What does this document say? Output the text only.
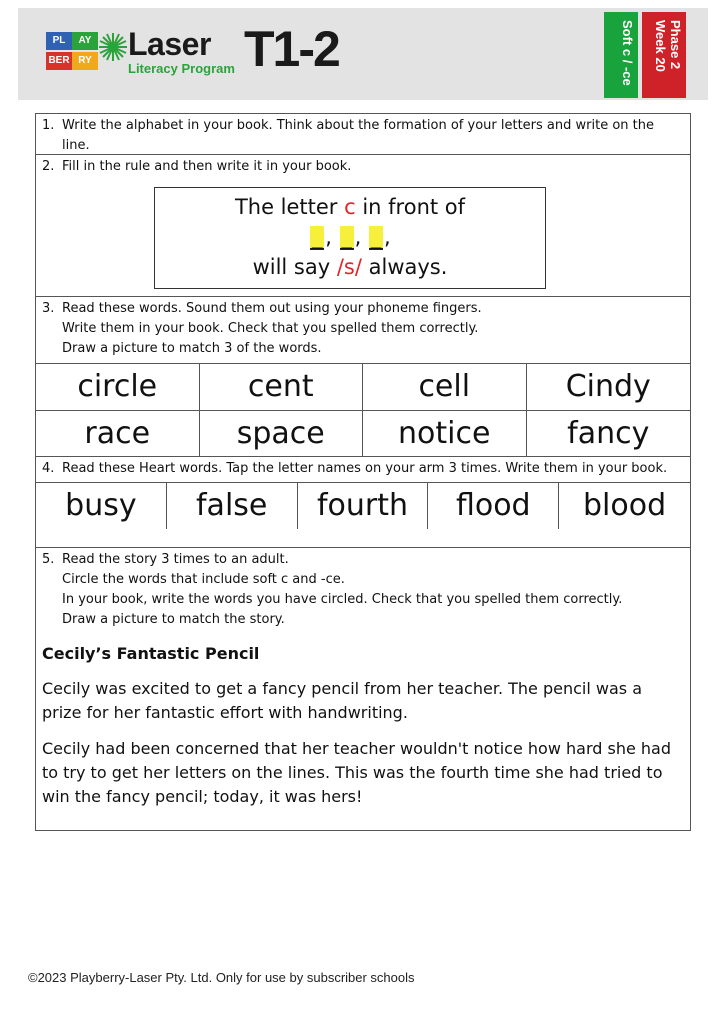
PL	AY
BER RY Laser
Literacy Program T1-2	Soft c / -ce	Phase 2 Week 20
1. Write the alphabet in your book. Think about the formation of your letters and write on the line.

2. Fill in the rule and then write it in your book.

The letter c in front of
_ , _ , _ ,
will say /s/ always.
3. Read these words. Sound them out using your phoneme fingers.

Write them in your book. Check that you spelled them correctly.

Draw a picture to match 3 of the words.

circle	cent	cell	Cindy
race	space	notice	fancy
4. Read these Heart words. Tap the letter names on your arm 3 times. Write them in your book.

busy	false	fourth	flood	blood
5. Read the story 3 times to an adult.

Circle the words that include soft c and -ce.

In your book, write the words you have circled. Check that you spelled them correctly.

Draw a picture to match the story.

Cecily’s Fantastic Pencil

Cecily was excited to get a fancy pencil from her teacher. The pencil was a prize for her fantastic effort with handwriting.

Cecily had been concerned that her teacher wouldn't notice how hard she had to try to get her letters on the lines. This was the fourth time she had tried to win the fancy pencil; today, it was hers!

©2023 Playberry-Laser Pty. Ltd. Only for use by subscriber schools
